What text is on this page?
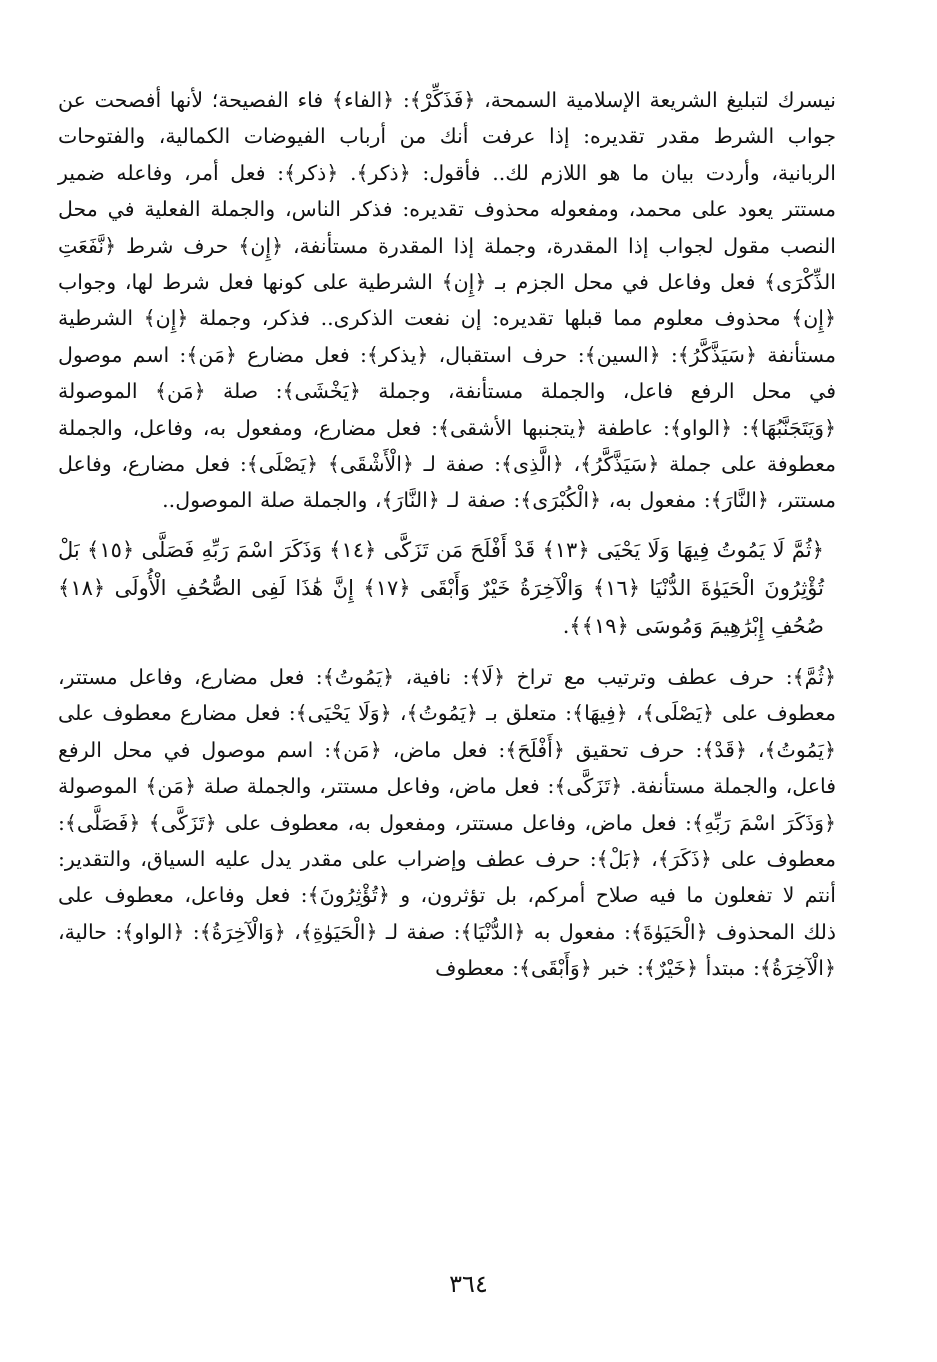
نيسرك لتبليغ الشريعة الإسلامية السمحة، ﴿فَذَكِّرْ﴾: ﴿الفاء﴾ فاء الفصيحة؛ لأنها أفصحت عن جواب الشرط مقدر تقديره: إذا عرفت أنك من أرباب الفيوضات الكمالية، والفتوحات الربانية، وأردت بيان ما هو اللازم لك.. فأقول: ﴿ذكر﴾. ﴿ذكر﴾: فعل أمر، وفاعله ضمير مستتر يعود على محمد، ومفعوله محذوف تقديره: فذكر الناس، والجملة الفعلية في محل النصب مقول لجواب إذا المقدرة، وجملة إذا المقدرة مستأنفة، ﴿إِن﴾ حرف شرط ﴿نَّفَعَتِ الذِّكْرَى﴾ فعل وفاعل في محل الجزم بـ ﴿إِن﴾ الشرطية على كونها فعل شرط لها، وجواب ﴿إِن﴾ محذوف معلوم مما قبلها تقديره: إن نفعت الذكرى.. فذكر، وجملة ﴿إِن﴾ الشرطية مستأنفة ﴿سَيَذَّكَّرُ﴾: ﴿السين﴾: حرف استقبال، ﴿يذكر﴾: فعل مضارع ﴿مَن﴾: اسم موصول في محل الرفع فاعل، والجملة مستأنفة، وجملة ﴿يَخْشَى﴾: صلة ﴿مَن﴾ الموصولة ﴿وَيَتَجَنَّبُهَا﴾: ﴿الواو﴾: عاطفة ﴿يتجنبها الأشقى﴾: فعل مضارع، ومفعول به، وفاعل، والجملة معطوفة على جملة ﴿سَيَذَّكَّرُ﴾، ﴿الَّذِى﴾: صفة لـ ﴿الْأَشْقَى﴾ ﴿يَصْلَى﴾: فعل مضارع، وفاعل مستتر، ﴿النَّارَ﴾: مفعول به، ﴿الْكُبْرَى﴾: صفة لـ ﴿النَّارَ﴾، والجملة صلة الموصول..

﴿ثُمَّ لَا يَمُوتُ فِيهَا وَلَا يَحْيَى ﴿١٣﴾ قَدْ أَفْلَحَ مَن تَزَكَّى ﴿١٤﴾ وَذَكَرَ اسْمَ رَبِّهِ فَصَلَّى ﴿١٥﴾ بَلْ تُؤْثِرُونَ الْحَيَوٰةَ الدُّنْيَا ﴿١٦﴾ وَالْآخِرَةُ خَيْرٌ وَأَبْقَى ﴿١٧﴾ إِنَّ هَٰذَا لَفِى الصُّحُفِ الْأُولَى ﴿١٨﴾ صُحُفِ إِبْرَٰهِيمَ وَمُوسَى ﴿١٩﴾﴾.

﴿ثُمَّ﴾: حرف عطف وترتيب مع تراخ ﴿لَا﴾: نافية، ﴿يَمُوتُ﴾: فعل مضارع، وفاعل مستتر، معطوف على ﴿يَصْلَى﴾، ﴿فِيهَا﴾: متعلق بـ ﴿يَمُوتُ﴾، ﴿وَلَا يَحْيَى﴾: فعل مضارع معطوف على ﴿يَمُوتُ﴾، ﴿قَدْ﴾: حرف تحقيق ﴿أَفْلَحَ﴾: فعل ماض، ﴿مَن﴾: اسم موصول في محل الرفع فاعل، والجملة مستأنفة. ﴿تَزَكَّى﴾: فعل ماض، وفاعل مستتر، والجملة صلة ﴿مَن﴾ الموصولة ﴿وَذَكَرَ اسْمَ رَبِّهِ﴾: فعل ماض، وفاعل مستتر، ومفعول به، معطوف على ﴿تَزَكَّى﴾ ﴿فَصَلَّى﴾: معطوف على ﴿ذَكَرَ﴾، ﴿بَلْ﴾: حرف عطف وإضراب على مقدر يدل عليه السياق، والتقدير: أنتم لا تفعلون ما فيه صلاح أمركم، بل تؤثرون، و ﴿تُؤْثِرُونَ﴾: فعل وفاعل، معطوف على ذلك المحذوف ﴿الْحَيَوٰةَ﴾: مفعول به ﴿الدُّنْيَا﴾: صفة لـ ﴿الْحَيَوٰةِ﴾، ﴿وَالْآخِرَةُ﴾: ﴿الواو﴾: حالية، ﴿الْآخِرَةُ﴾: مبتدأ ﴿خَيْرٌ﴾: خبر ﴿وَأَبْقَى﴾: معطوف

٣٦٤
